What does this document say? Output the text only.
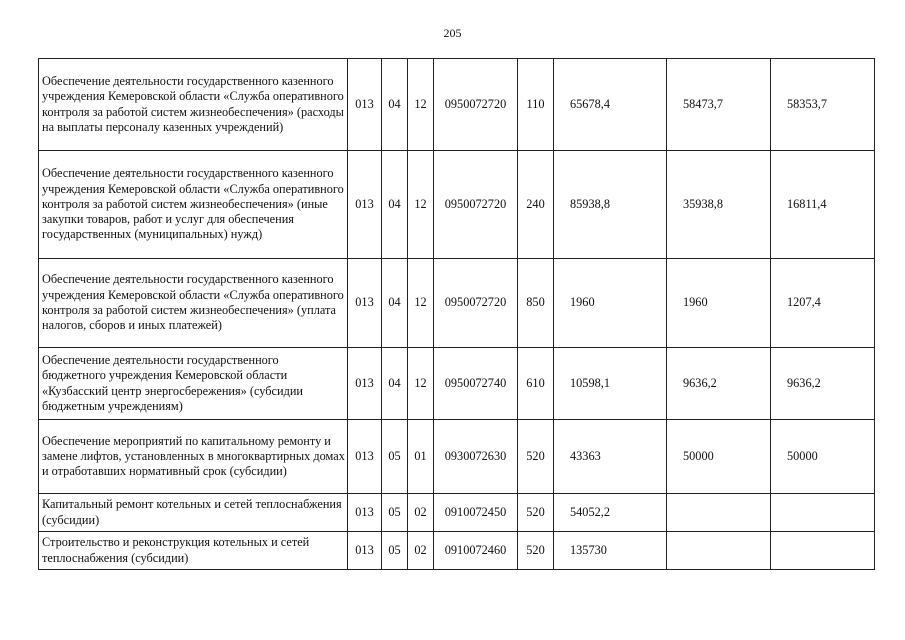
205
Обеспечение деятельности государственного казенного учреждения Кемеровской области «Служба оперативного контроля за работой систем жизнеобеспечения» (расходы на выплаты персоналу казенных учреждений)	013	04	12	0950072720	110	65678,4	58473,7	58353,7
Обеспечение деятельности государственного казенного учреждения Кемеровской области «Служба оперативного контроля за работой систем жизнеобеспечения» (иные закупки товаров, работ и услуг для обеспечения государственных (муниципальных) нужд)	013	04	12	0950072720	240	85938,8	35938,8	16811,4
Обеспечение деятельности государственного казенного учреждения Кемеровской области «Служба оперативного контроля за работой систем жизнеобеспечения» (уплата налогов, сборов и иных платежей)	013	04	12	0950072720	850	1960	1960	1207,4
Обеспечение деятельности государственного бюджетного учреждения Кемеровской области «Кузбасский центр энергосбережения» (субсидии бюджетным учреждениям)	013	04	12	0950072740	610	10598,1	9636,2	9636,2
Обеспечение мероприятий по капитальному ремонту и замене лифтов, установленных в многоквартирных домах и отработавших нормативный срок (субсидии)	013	05	01	0930072630	520	43363	50000	50000
Капитальный ремонт котельных и сетей теплоснабжения (субсидии)	013	05	02	0910072450	520	54052,2		
Строительство и реконструкция котельных и сетей теплоснабжения (субсидии)	013	05	02	0910072460	520	135730		
